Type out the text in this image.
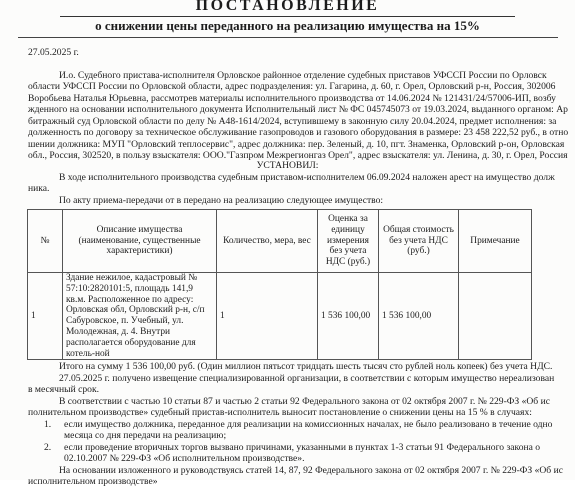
ПОСТАНОВЛЕНИЕ
о снижении цены переданного на реализацию имущества на 15%
27.05.2025 г.
И.о. Судебного пристава-исполнителя Орловское районное отделение судебных приставов УФССП России по Орловск
области УФССП России по Орловской области, адрес подразделения: ул. Гагарина, д. 60, г. Орел, Орловский р-н, Россия, 302006
Воробьева Наталья Юрьевна, рассмотрев материалы исполнительного производства от 14.06.2024 № 121431/24/57006-ИП, возбу
жденного на основании исполнительного документа Исполнительный лист № ФС 045745073 от 19.03.2024, выданного органом: Ар
битражный суд Орловской области по делу № А48-1614/2024, вступившему в законную силу 20.04.2024, предмет исполнения: за
долженность по договору за техническое обслуживание газопроводов и газового оборудования в размере: 23 458 222,52 руб., в отно
шении должника: МУП "Орловский теплосервис", адрес должника: пер. Зеленый, д. 10, пгт. Знаменка, Орловский р-он, Орловская
обл., Россия, 302520, в пользу взыскателя: ООО."Газпром Межрегионгаз Орел", адрес взыскателя: ул. Ленина, д. 30, г. Орел, Россия
УСТАНОВИЛ:
В ходе исполнительного производства судебным приставом-исполнителем 06.09.2024 наложен арест на имущество долж
ника.
По акту приема-передачи от в передано на реализацию следующее имущество:
№	Описание имущества (наименование, существенные характеристики)	Количество, мера, вес	Оценка за единицу измерения без учета НДС (руб.)	Общая стоимость без учета НДС (руб.)	Примечание
1	Здание нежилое, кадастровый № 57:10:2820101:5, площадь 141,9 кв.м. Расположенное по адресу: Орловская обл, Орловский р-н, с/п Сабуровское, п. Учебный, ул. Молодежная, д. 4. Внутри располагается оборудование для котель-ной	1	1 536 100,00	1 536 100,00	
Итого на сумму 1 536 100,00 руб. (Один миллион пятьсот тридцать шесть тысяч сто рублей ноль копеек) без учета НДС.
27.05.2025 г. получено извещение специализированной организации, в соответствии с которым имущество нереализован
в месячный срок.
В соответствии с частью 10 статьи 87 и частью 2 статьи 92 Федерального закона от 02 октября 2007 г. № 229-ФЗ «Об ис
полнительном производстве» судебный пристав-исполнитель выносит постановление о снижении цены на 15 % в случаях:
1. если имущество должника, переданное для реализации на комиссионных началах, не было реализовано в течение одно
месяца со дня передачи на реализацию;
2. если проведение вторичных торгов вызвано причинами, указанными в пунктах 1-3 статьи 91 Федерального закона о
02.10.2007 № 229-ФЗ «Об исполнительном производстве».
На основании изложенного и руководствуясь статей 14, 87, 92 Федерального закона от 02 октября 2007 г. № 229-ФЗ «Об ис
исполнительном производстве»
